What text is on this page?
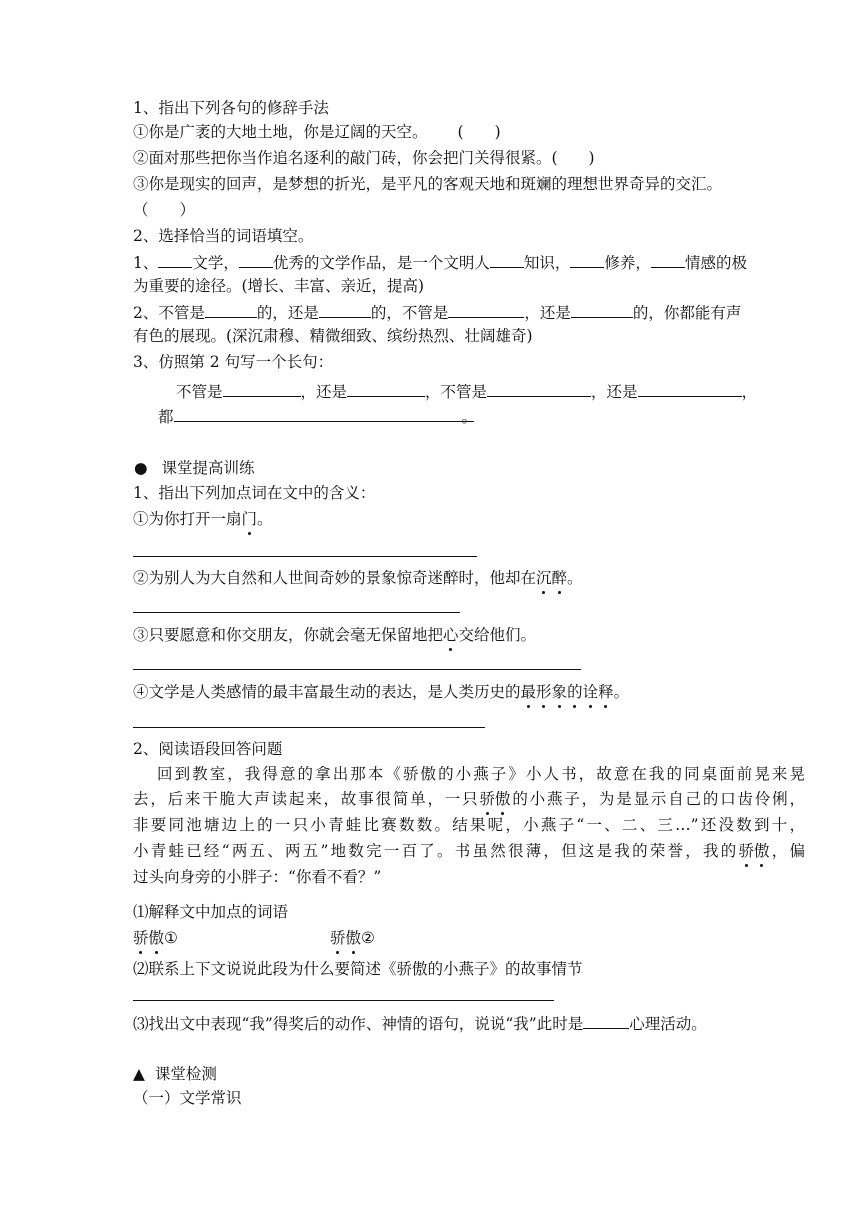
1、指出下列各句的修辞手法
①你是广袤的大地土地，你是辽阔的天空。 (　　)
②面对那些把你当作追名逐利的敲门砖，你会把门关得很紧。(　　)
③你是现实的回声，是梦想的折光，是平凡的客观天地和斑斓的理想世界奇异的交汇。
（　　）
2、选择恰当的词语填空。
1、 文学， 优秀的文学作品，是一个文明人 知识， 修养， 情感的极
为重要的途径。(增长、丰富、亲近，提高)
2、不管是	的，还是	的，不管是	，还是	的，你都能有声
有色的展现。(深沉肃穆、精微细致、缤纷热烈、壮阔雄奇)
3、仿照第 2 句写一个长句：
不管是	，还是	，不管是	，还是	，
都	。
● 课堂提高训练
1、指出下列加点词在文中的含义：
①为你打开一扇门。
②为别人为大自然和人世间奇妙的景象惊奇迷醉时，他却在沉醉。
③只要愿意和你交朋友，你就会毫无保留地把心交给他们。
④文学是人类感情的最丰富最生动的表达，是人类历史的最形象的诠释。
2、阅读语段回答问题
回到教室，我得意的拿出那本《骄傲的小燕子》小人书，故意在我的同桌面前晃来晃
去，后来干脆大声读起来，故事很简单，一只骄傲的小燕子，为是显示自己的口齿伶俐，
非要同池塘边上的一只小青蛙比赛数数。结果呢，小燕子“一、二、三…”还没数到十，
小青蛙已经“两五、两五”地数完一百了。书虽然很薄，但这是我的荣誉，我的骄傲，偏
过头向身旁的小胖子：“你看不看？”
⑴解释文中加点的词语
骄傲①	骄傲②
⑵联系上下文说说此段为什么要简述《骄傲的小燕子》的故事情节
⑶找出文中表现“我”得奖后的动作、神情的语句，说说“我”此时是	心理活动。
▲ 课堂检测
（一）文学常识
